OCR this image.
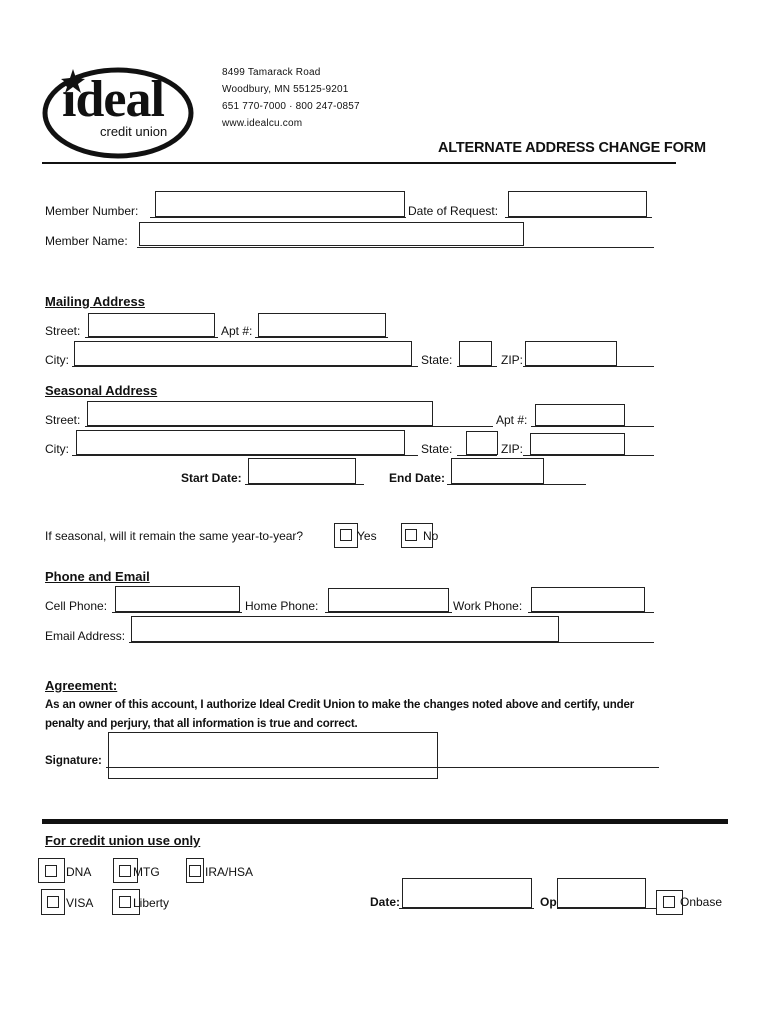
ideal
credit union
8499 Tamarack Road
Woodbury, MN 55125-9201
651 770-7000 · 800 247-0857
www.idealcu.com
ALTERNATE ADDRESS CHANGE FORM
Member Number:	Date of Request:
Member Name:
Mailing Address
Street:	Apt #:
City:	State:	ZIP:
Seasonal Address
Street:	Apt #:
City:	State:	ZIP:
Start Date:	End Date:
If seasonal, will it remain the same year-to-year?	Yes	No
Phone and Email
Cell Phone:	Home Phone:	Work Phone:
Email Address:
Agreement:
As an owner of this account, I authorize Ideal Credit Union to make the changes noted above and certify, under
penalty and perjury, that all information is true and correct.
Signature:
For credit union use only
DNA	MTG	IRA/HSA
VISA	Liberty	Date:	Op	Onbase
